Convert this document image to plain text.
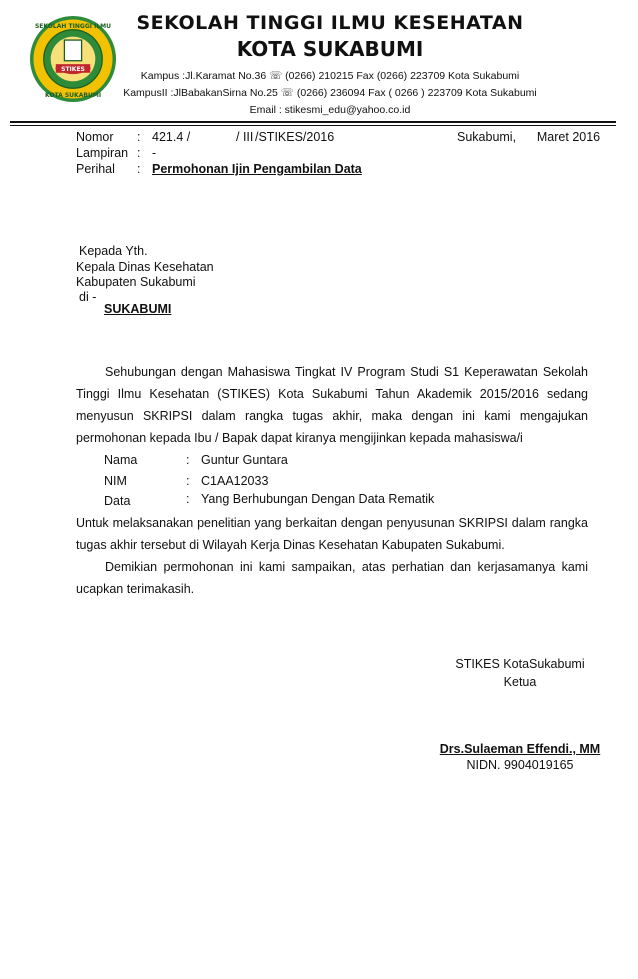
STIKES
SEKOLAH TINGGI ILMU
KOTA SUKABUMI
SEKOLAH TINGGI ILMU KESEHATAN
KOTA SUKABUMI
Kampus :Jl.Karamat No.36 ☏ (0266) 210215 Fax (0266) 223709 Kota Sukabumi
KampusII :JlBabakanSirna No.25 ☏ (0266) 236094 Fax ( 0266 ) 223709 Kota Sukabumi
Email : stikesmi_edu@yahoo.co.id
Nomor : 421.4 /	/ III /STIKES/2016	Sukabumi,      Maret 2016
Lampiran : -
Perihal : Permohonan Ijin Pengambilan Data
Kepada Yth.
Kepala Dinas Kesehatan
Kabupaten Sukabumi
di -
SUKABUMI
Sehubungan dengan Mahasiswa Tingkat IV Program Studi S1 Keperawatan Sekolah Tinggi Ilmu Kesehatan (STIKES) Kota Sukabumi Tahun Akademik 2015/2016 sedang menyusun SKRIPSI dalam rangka tugas akhir, maka dengan ini kami mengajukan permohonan kepada Ibu / Bapak dapat kiranya mengijinkan kepada mahasiswa/i
Nama	: Guntur Guntara
NIM	: C1AA12033
Data	: Yang Berhubungan Dengan Data Rematik
Untuk melaksanakan penelitian yang berkaitan dengan penyusunan SKRIPSI dalam rangka tugas akhir tersebut di Wilayah Kerja Dinas Kesehatan Kabupaten Sukabumi.
Demikian permohonan ini kami sampaikan, atas perhatian dan kerjasamanya kami ucapkan terimakasih.
STIKES KotaSukabumi
Ketua
Drs.Sulaeman Effendi., MM
NIDN. 9904019165
